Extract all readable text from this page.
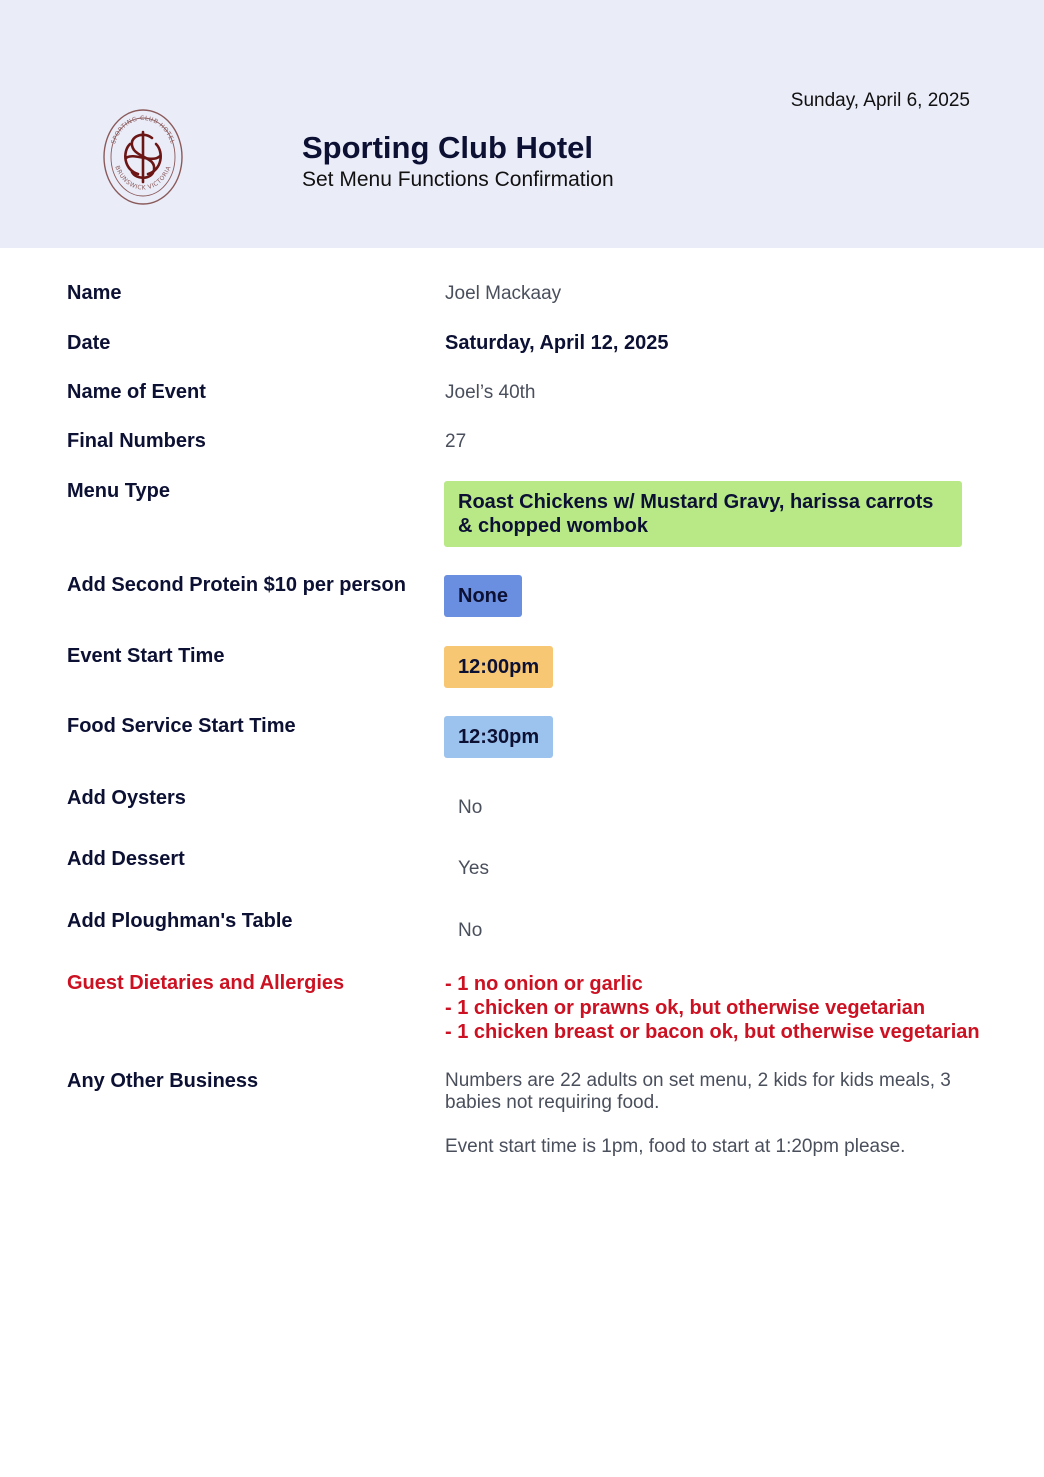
SPORTING CLUB HOTEL
BRUNSWICK VICTORIA
Sunday, April 6, 2025
Sporting Club Hotel
Set Menu Functions Confirmation
Name	Joel Mackaay
Date	Saturday, April 12, 2025
Name of Event	Joel’s 40th
Final Numbers	27
Menu Type	Roast Chickens w/ Mustard Gravy, harissa carrots & chopped wombok
Add Second Protein $10 per person	None
Event Start Time	12:00pm
Food Service Start Time	12:30pm
Add Oysters	No
Add Dessert	Yes
Add Ploughman's Table	No
Guest Dietaries and Allergies	- 1 no onion or garlic
- 1 chicken or prawns ok, but otherwise vegetarian
- 1 chicken breast or bacon ok, but otherwise vegetarian
Any Other Business	Numbers are 22 adults on set menu, 2 kids for kids meals, 3 babies not requiring food.

Event start time is 1pm, food to start at 1:20pm please.
